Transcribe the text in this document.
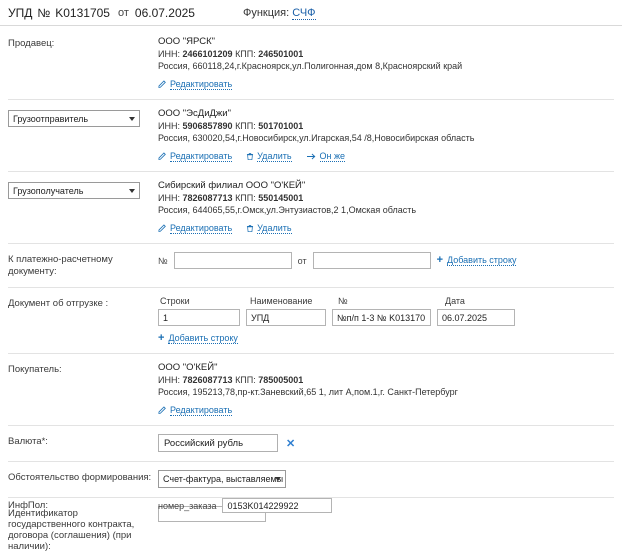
УПД № K0131705 от 06.07.2025	Функция: СЧФ
Продавец:	ООО "ЯРСК"
ИНН: 2466101209 КПП: 246501001
Россия, 660118,24,г.Красноярск,ул.Полигонная,дом 8,Красноярский край
Редактировать
Грузоотправитель	ООО "ЭсДиДжи"
ИНН: 5906857890 КПП: 501701001
Россия, 630020,54,г.Новосибирск,ул.Игарская,54 /8,Новосибирская область
Редактировать	Удалить	Он же
Грузополучатель	Сибирский филиал ООО "О'КЕЙ"
ИНН: 7826087713 КПП: 550145001
Россия, 644065,55,г.Омск,ул.Энтузиастов,2 1,Омская область
Редактировать	Удалить
К платежно-расчетному документу:
№	от	+ Добавить строку
Документ об отгрузке :	Строки	Наименование	№	Дата
1	УПД	№п/п 1-3 № K013170	06.07.2025
+ Добавить строку
Покупатель:	ООО "О'КЕЙ"
ИНН: 7826087713 КПП: 785005001
Россия, 195213,78,пр-кт.Заневский,65 1, лит А,пом.1,г. Санкт-Петербург
Редактировать
Валюта*:	Российский рубль	✕
Обстоятельство формирования:	Счет-фактура, выставляемы
Идентификатор государственного контракта, договора (соглашения) (при наличии):
ИнфПол:	номер_заказа	0153K014229922
